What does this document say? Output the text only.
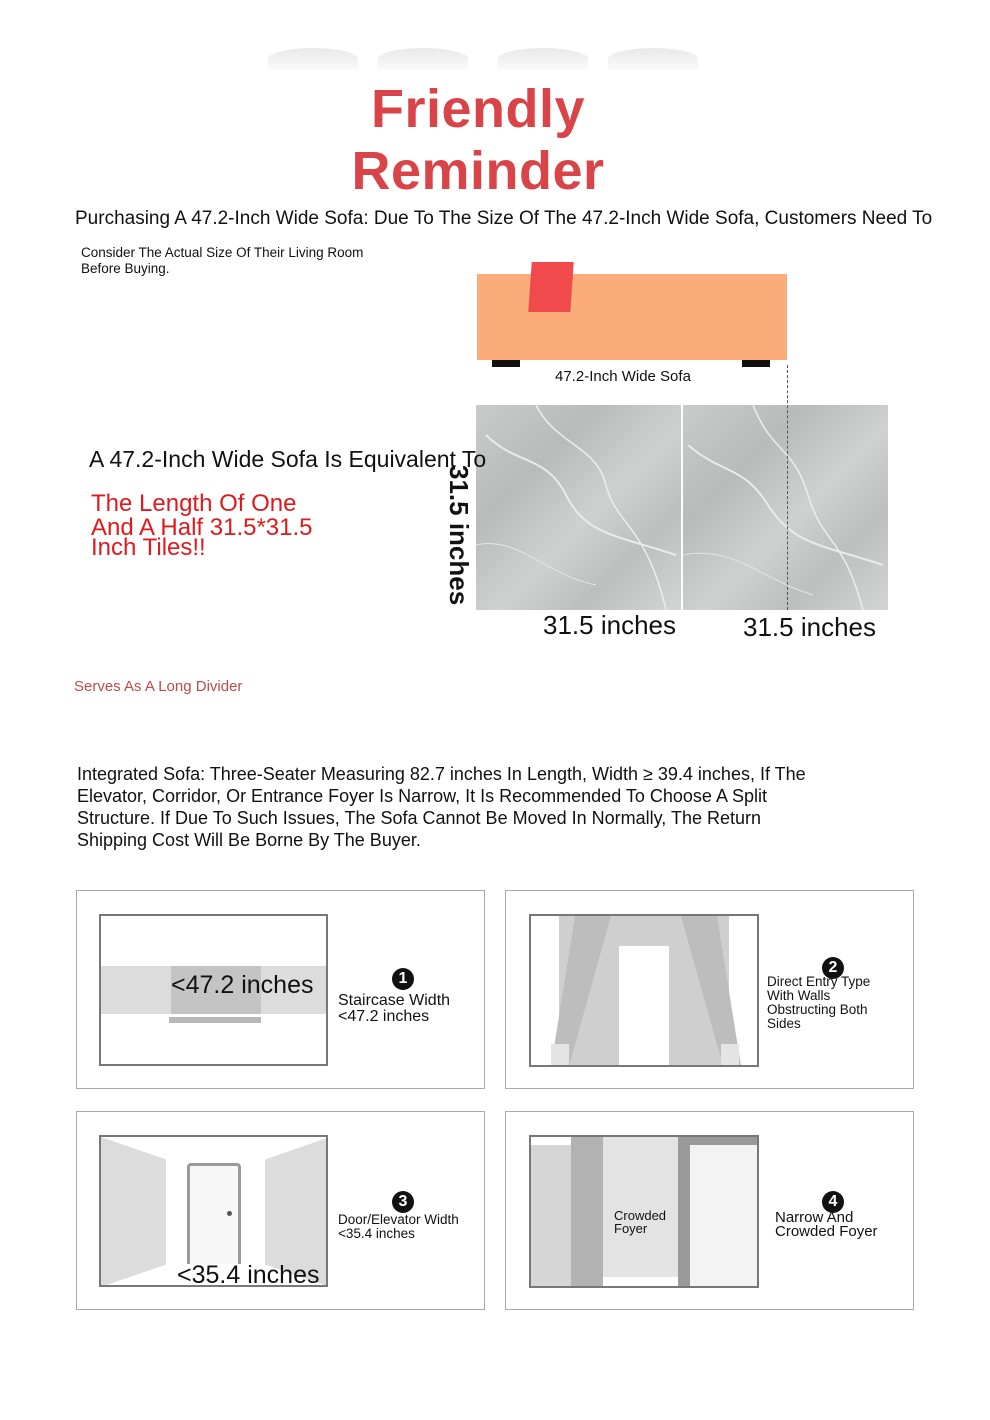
Friendly Reminder
Purchasing A 47.2-Inch Wide Sofa: Due To The Size Of The 47.2-Inch Wide Sofa, Customers Need To
Consider The Actual Size Of Their Living Room Before Buying.
47.2-Inch Wide Sofa
A 47.2-Inch Wide Sofa Is Equivalent To
The Length Of One
And A Half 31.5*31.5
Inch Tiles!!	31.5 inches
31.5 inches	31.5 inches
Serves As A Long Divider
Integrated Sofa: Three-Seater Measuring 82.7 inches In Length, Width ≥ 39.4 inches, If The Elevator, Corridor, Or Entrance Foyer Is Narrow, It Is Recommended To Choose A Split Structure. If Due To Such Issues, The Sofa Cannot Be Moved In Normally, The Return Shipping Cost Will Be Borne By The Buyer.
<47.2 inches	1
Staircase Width
<47.2 inches
2
Direct Entry Type
With Walls
Obstructing Both
Sides
<35.4 inches
3
Door/Elevator Width
<35.4 inches
Crowded
Foyer
4
Narrow And
Crowded Foyer
